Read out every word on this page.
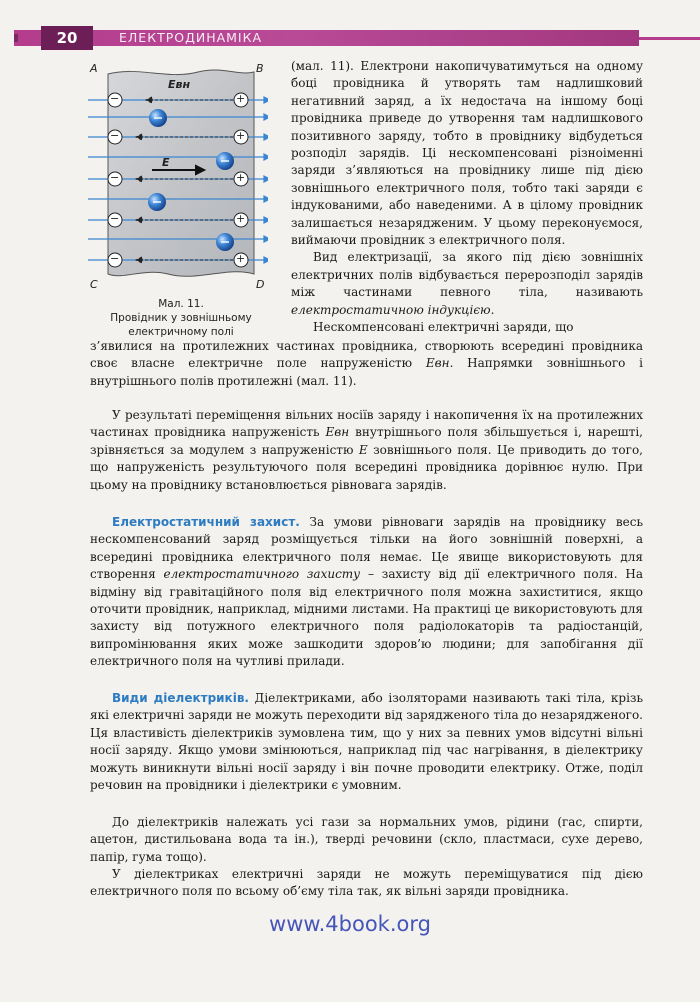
20	ЕЛЕКТРОДИНАМІКА
−
−
−
−
−
+
+
+
+
+
A	B
C	D
Eвн
E
Мал. 11.
Провідник у зовнішньому
електричному полі

(мал. 11). Електрони накопичуватимуться на одному боці провідника й утворять там надлишковий негативний заряд, а їх недостача на іншому боці провідника приведе до утворення там надлишкового позитивного заряду, тобто в провіднику відбудеться розподіл зарядів. Ці нескомпенсовані різноіменні заряди з’являються на провіднику лише під дією зовнішнього електричного поля, тобто такі заряди є індукованими, або наведеними. А в цілому провідник залишається незарядженим. У цьому переконуємося, виймаючи провідник з електричного поля.

Вид електризації, за якого під дією зовнішніх електричних полів відбувається перерозподіл зарядів між частинами певного тіла, називають електростатичною індукцією.

Нескомпенсовані електричні заряди, що

з’явилися на протилежних частинах провідника, створюють всередині провідника своє власне електричне поле напруженістю Eвн. Напрямки зовнішнього і внутрішнього полів протилежні (мал. 11).

У результаті переміщення вільних носіїв заряду і накопичення їх на протилежних частинах провідника напруженість Eвн внутрішнього поля збільшується і, нарешті, зрівняється за модулем з напруженістю E зовнішнього поля. Це приводить до того, що напруженість результуючого поля всередині провідника дорівнює нулю. При цьому на провіднику встановлюється рівновага зарядів.

Електростатичний захист. За умови рівноваги зарядів на провіднику весь нескомпенсований заряд розміщується тільки на його зовнішній поверхні, а всередині провідника електричного поля немає. Це явище використовують для створення електростатичного захисту – захисту від дії електричного поля. На відміну від гравітаційного поля від електричного поля можна захиститися, якщо оточити провідник, наприклад, мідними листами. На практиці це використовують для захисту від потужного електричного поля радіолокаторів та радіостанцій, випромінювання яких може зашкодити здоров’ю людини; для запобігання дії електричного поля на чутливі прилади.

Види діелектриків. Діелектриками, або ізоляторами називають такі тіла, крізь які електричні заряди не можуть переходити від зарядженого тіла до незарядженого. Ця властивість діелектриків зумовлена тим, що у них за певних умов відсутні вільні носії заряду. Якщо умови змінюються, наприклад під час нагрівання, в діелектрику можуть виникнути вільні носії заряду і він почне проводити електрику. Отже, поділ речовин на провідники і діелектрики є умовним.

До діелектриків належать усі гази за нормальних умов, рідини (гас, спирти, ацетон, дистильована вода та ін.), тверді речовини (скло, пластмаси, сухе дерево, папір, гума тощо).

У діелектриках електричні заряди не можуть переміщуватися під дією електричного поля по всьому об’єму тіла так, як вільні заряди провідника.

www.4book.org
